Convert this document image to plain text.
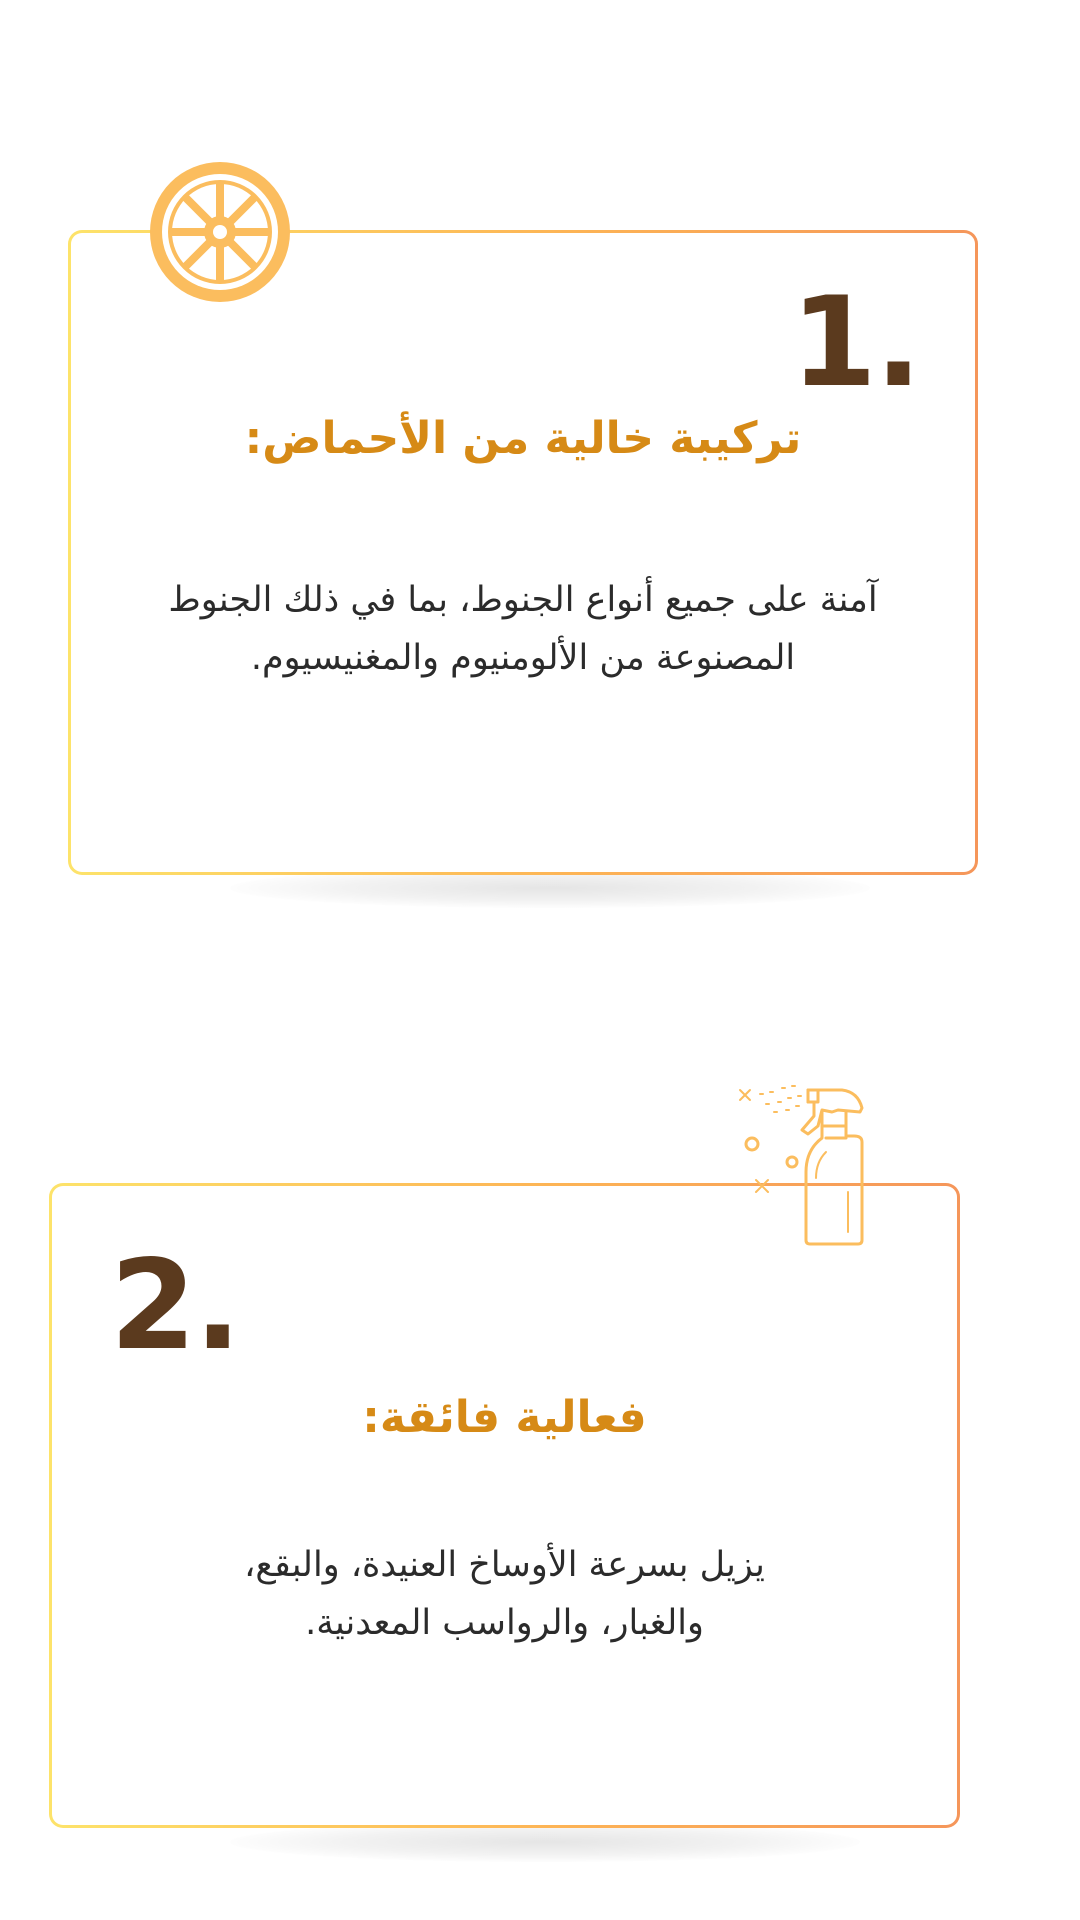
1.
تركيبة خالية من الأحماض:
آمنة على جميع أنواع الجنوط، بما في ذلك الجنوط المصنوعة من الألومنيوم والمغنيسيوم.
2.
فعالية فائقة:
يزيل بسرعة الأوساخ العنيدة، والبقع، والغبار، والرواسب المعدنية.
